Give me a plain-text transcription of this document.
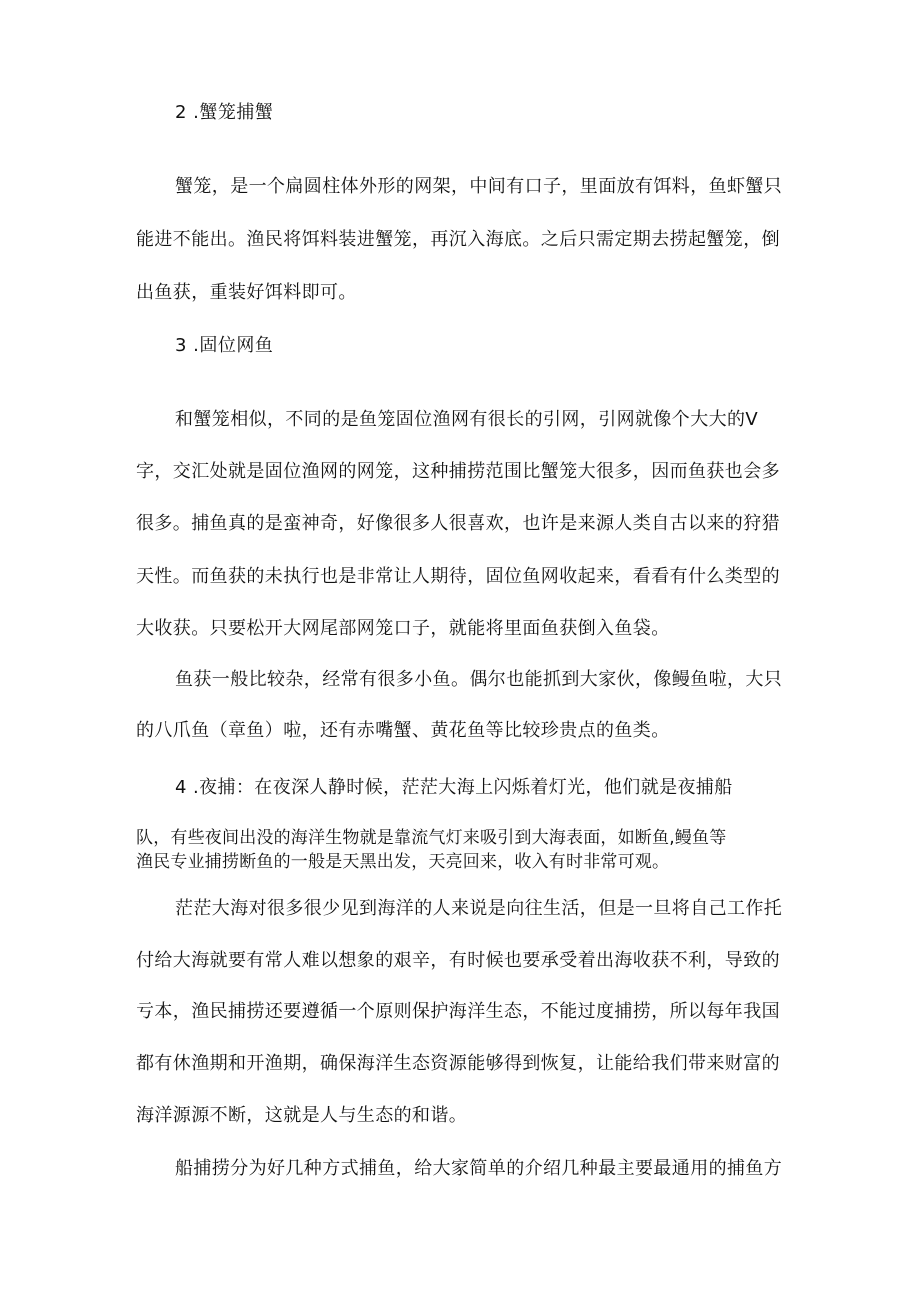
2 .蟹笼捕蟹
蟹笼，是一个扁圆柱体外形的网架，中间有口子，里面放有饵料，鱼虾蟹只
能进不能出。渔民将饵料装进蟹笼，再沉入海底。之后只需定期去捞起蟹笼，倒
出鱼获，重装好饵料即可。
3 .固位网鱼
和蟹笼相似，不同的是鱼笼固位渔网有很长的引网，引网就像个大大的V
字，交汇处就是固位渔网的网笼，这种捕捞范围比蟹笼大很多，因而鱼获也会多
很多。捕鱼真的是蛮神奇，好像很多人很喜欢，也许是来源人类自古以来的狩猎
天性。而鱼获的未执行也是非常让人期待，固位鱼网收起来，看看有什么类型的
大收获。只要松开大网尾部网笼口子，就能将里面鱼获倒入鱼袋。
鱼获一般比较杂，经常有很多小鱼。偶尔也能抓到大家伙，像鳗鱼啦，大只
的八爪鱼（章鱼）啦，还有赤嘴蟹、黄花鱼等比较珍贵点的鱼类。
4 .夜捕：在夜深人静时候，茫茫大海上闪烁着灯光，他们就是夜捕船
队，有些夜间出没的海洋生物就是靠流气灯来吸引到大海表面，如断鱼,鳗鱼等
渔民专业捕捞断鱼的一般是天黑出发，天亮回来，收入有时非常可观。
茫茫大海对很多很少见到海洋的人来说是向往生活，但是一旦将自己工作托
付给大海就要有常人难以想象的艰辛，有时候也要承受着出海收获不利，导致的
亏本，渔民捕捞还要遵循一个原则保护海洋生态，不能过度捕捞，所以每年我国
都有休渔期和开渔期，确保海洋生态资源能够得到恢复，让能给我们带来财富的
海洋源源不断，这就是人与生态的和谐。
船捕捞分为好几种方式捕鱼，给大家简单的介绍几种最主要最通用的捕鱼方
